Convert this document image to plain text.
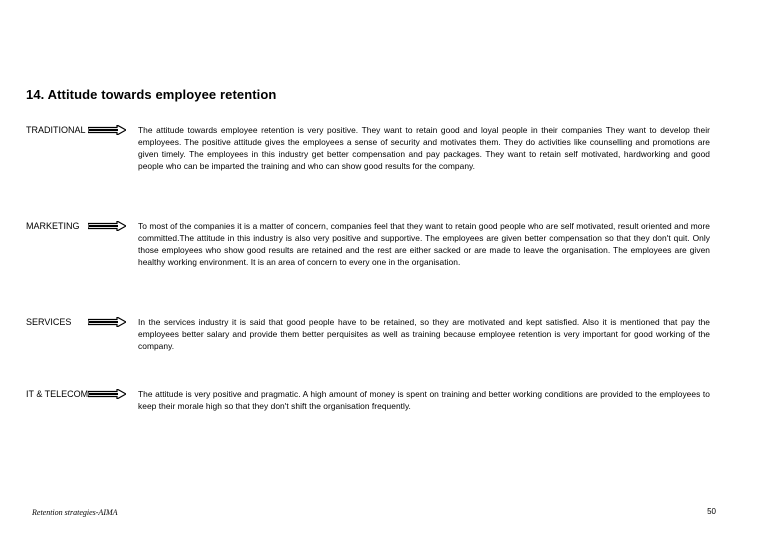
14. Attitude towards employee retention
TRADITIONAL	The attitude towards employee retention is very positive. They want to retain good and loyal people in their companies They want to develop their employees. The positive attitude gives the employees a sense of security and motivates them. They do activities like counselling and promotions are given timely. The employees in this industry get better compensation and pay packages. They want to retain self motivated, hardworking and good people who can be imparted the training and who can show good results for the company.
MARKETING	To most of the companies it is a matter of concern, companies feel that they want to retain good people who are self motivated, result oriented and more committed.The attitude in this industry is also very positive and supportive. The employees are given better compensation so that they don't quit. Only those employees who show good results are retained and the rest are either sacked or are made to leave the organisation. The employees are given healthy working environment. It is an area of concern to every one in the organisation.
SERVICES	In the services industry it is said that good people have to be retained, so they are motivated and kept satisfied. Also it is mentioned that pay the employees better salary and provide them better perquisites as well as training because employee retention is very important for good working of the company.
IT & TELECOM	The attitude is very positive and pragmatic. A high amount of money is spent on training and better working conditions are provided to the employees to keep their morale high so that they don't shift the organisation frequently.
Retention strategies-AIMA	50
